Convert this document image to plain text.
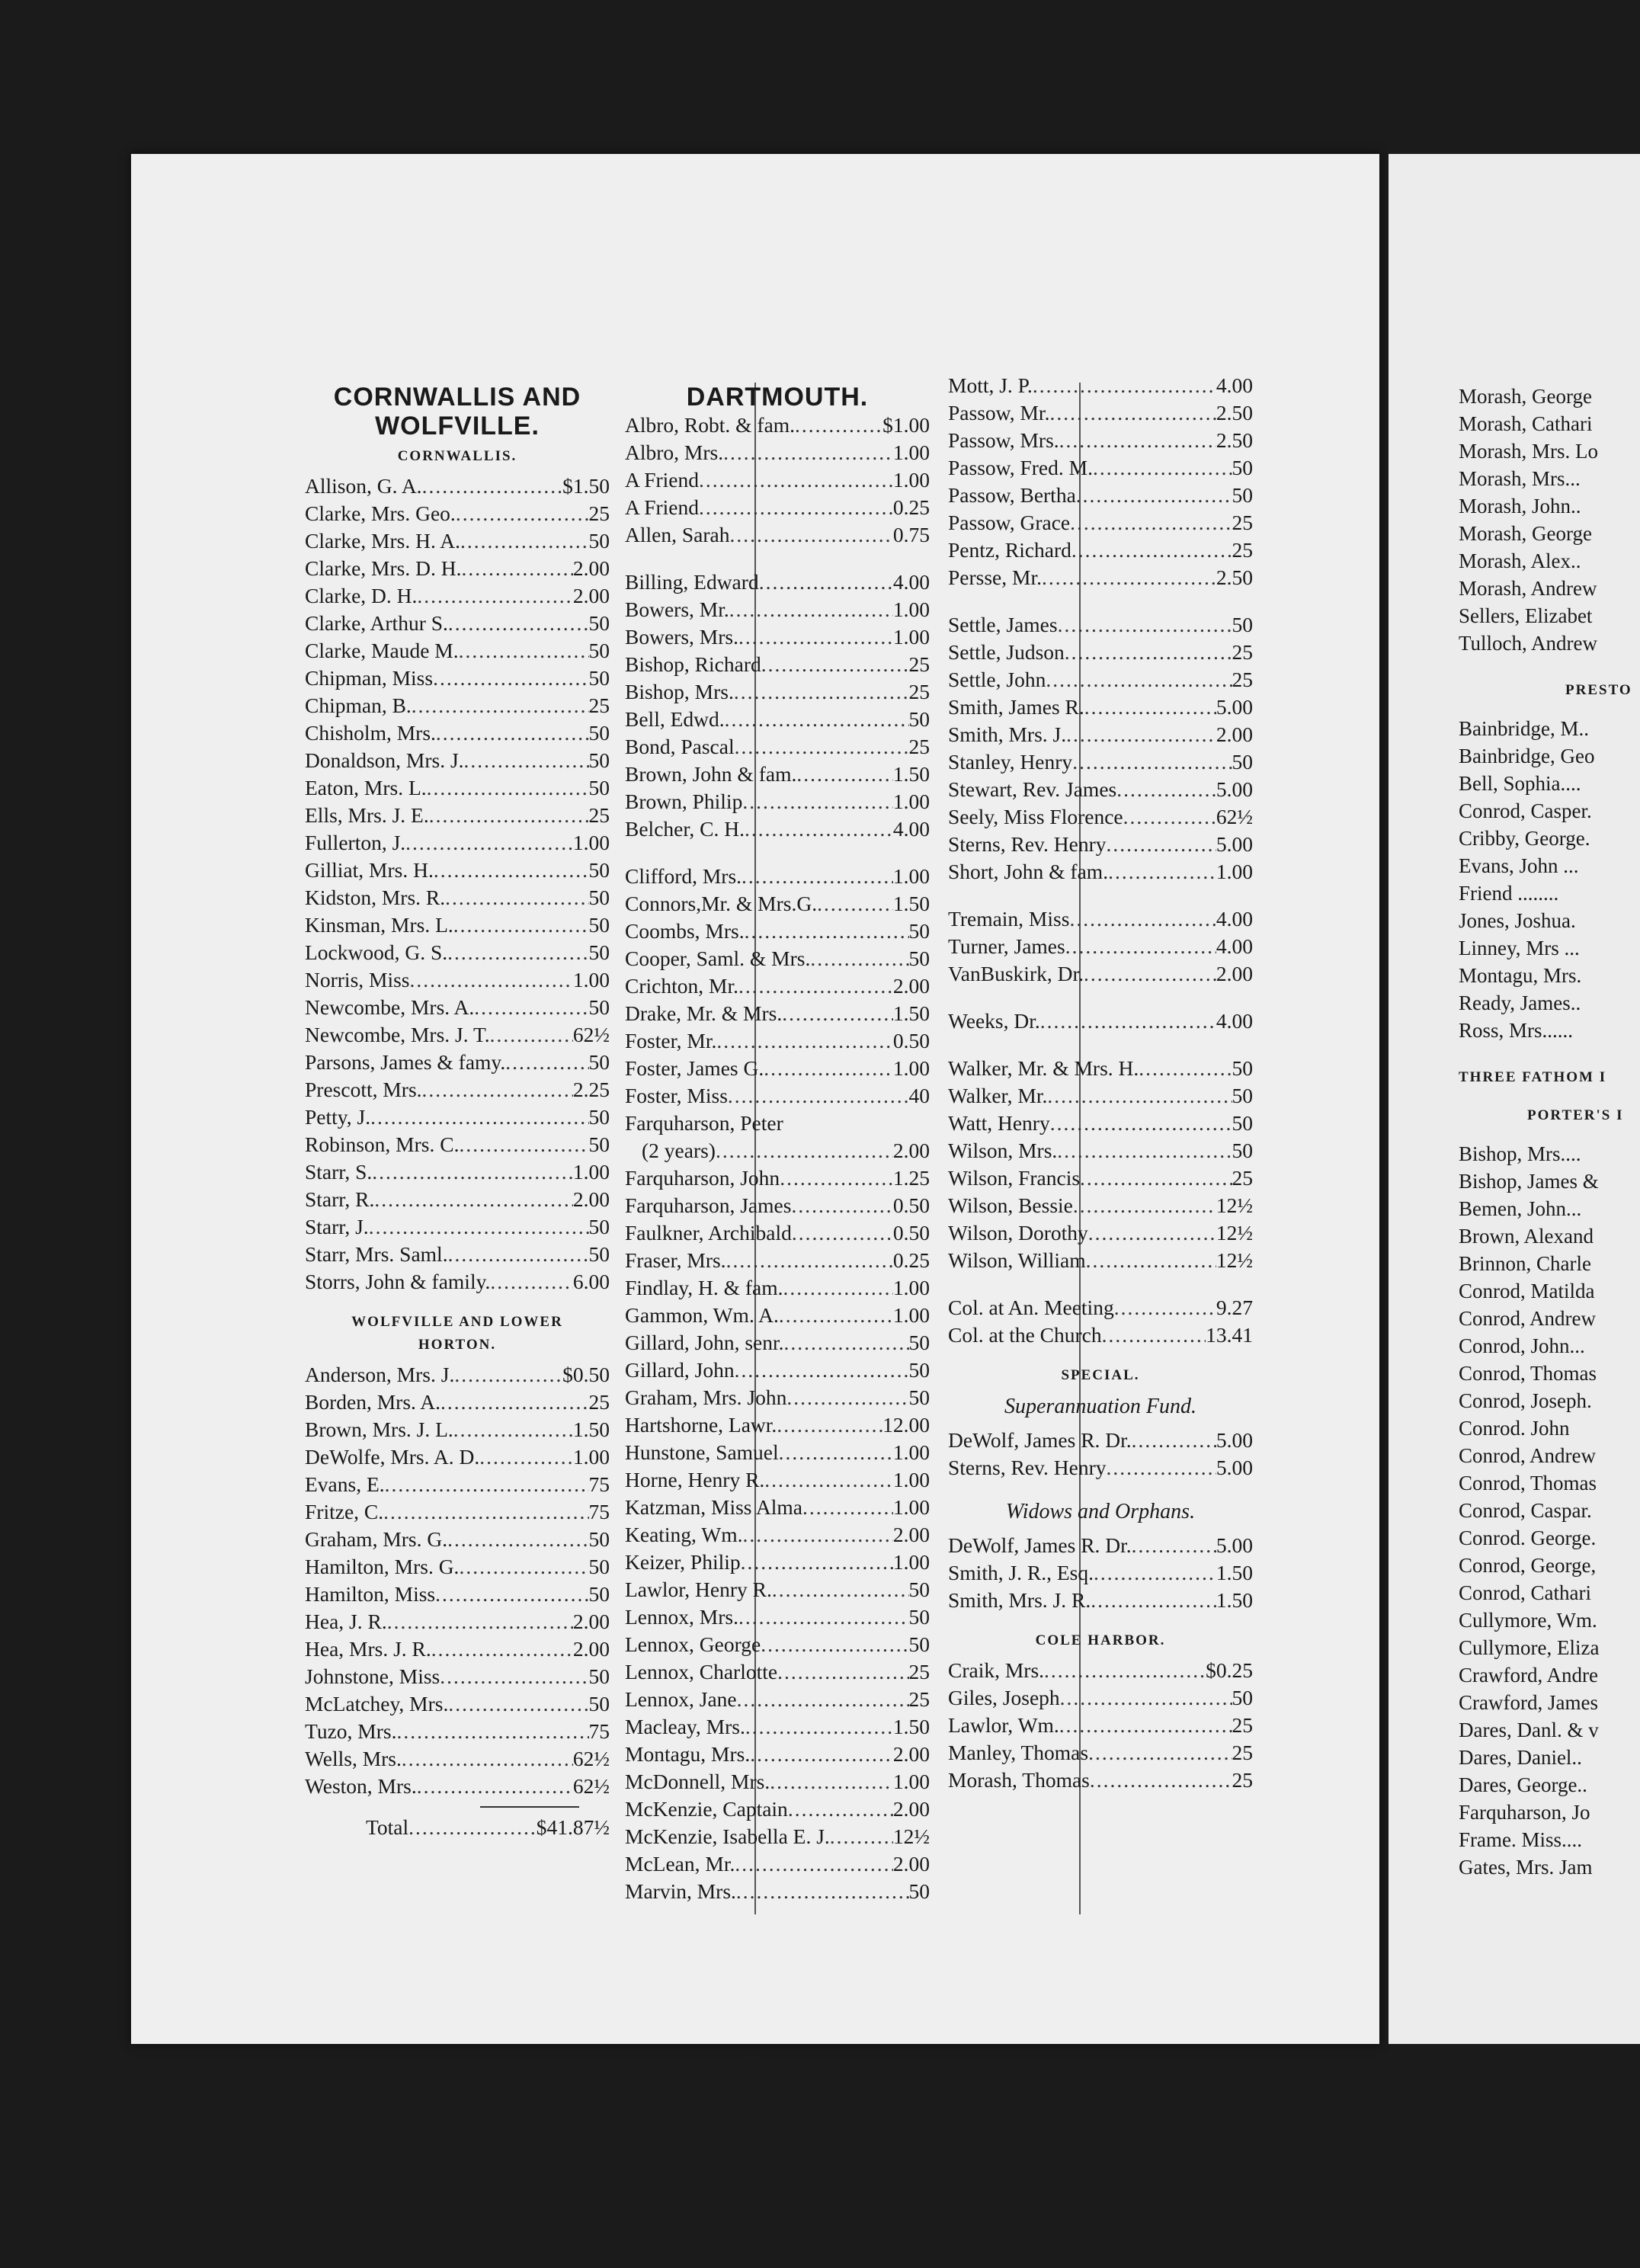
CORNWALLIS AND
WOLFVILLE.
CORNWALLIS.
Allison, G. A. .....	$1.50
Clarke, Mrs. Geo. .....	25
Clarke, Mrs. H. A. .....	50
Clarke, Mrs. D. H. .....	2.00
Clarke, D. H. .....	2.00
Clarke, Arthur S. .....	50
Clarke, Maude M. .....	50
Chipman, Miss .....	50
Chipman, B. .....	25
Chisholm, Mrs. .....	50
Donaldson, Mrs. J. .....	50
Eaton, Mrs. L. .....	50
Ells, Mrs. J. E. .....	25
Fullerton, J. .....	1.00
Gilliat, Mrs. H. .....	50
Kidston, Mrs. R. .....	50
Kinsman, Mrs. L. .....	50
Lockwood, G. S. .....	50
Norris, Miss .....	1.00
Newcombe, Mrs. A. .....	50
Newcombe, Mrs. J. T. .....	62½
Parsons, James & famy. .....	50
Prescott, Mrs. .....	2.25
Petty, J. .....	50
Robinson, Mrs. C. .....	50
Starr, S. .....	1.00
Starr, R. .....	2.00
Starr, J. .....	50
Starr, Mrs. Saml. .....	50
Storrs, John & family. .....	6.00
WOLFVILLE AND LOWER
HORTON.
Anderson, Mrs. J. .....	$0.50
Borden, Mrs. A. .....	25
Brown, Mrs. J. L. .....	1.50
DeWolfe, Mrs. A. D. .....	1.00
Evans, E. .....	75
Fritze, C. .....	75
Graham, Mrs. G. .....	50
Hamilton, Mrs. G. .....	50
Hamilton, Miss .....	50
Hea, J. R. .....	2.00
Hea, Mrs. J. R. .....	2.00
Johnstone, Miss .....	50
McLatchey, Mrs. .....	50
Tuzo, Mrs. .....	75
Wells, Mrs. .....	62½
Weston, Mrs. .....	62½
Total .....	$41.87½
DARTMOUTH.
Albro, Robt. & fam. .....	$1.00
Albro, Mrs. .....	1.00
A Friend .....	1.00
A Friend .....	0.25
Allen, Sarah .....	0.75
Billing, Edward .....	4.00
Bowers, Mr. .....	1.00
Bowers, Mrs. .....	1.00
Bishop, Richard .....	25
Bishop, Mrs. .....	25
Bell, Edwd. .....	50
Bond, Pascal .....	25
Brown, John & fam. .....	1.50
Brown, Philip .....	1.00
Belcher, C. H. .....	4.00
Clifford, Mrs. .....	1.00
Connors,Mr. & Mrs.G. .....	1.50
Coombs, Mrs. .....	50
Cooper, Saml. & Mrs. .....	50
Crichton, Mr. .....	2.00
Drake, Mr. & Mrs. .....	1.50
Foster, Mr. .....	0.50
Foster, James G. .....	1.00
Foster, Miss .....	40
Farquharson, Peter
(2 years) .....	2.00
Farquharson, John .....	1.25
Farquharson, James .....	0.50
Faulkner, Archibald .....	0.50
Fraser, Mrs. .....	0.25
Findlay, H. & fam. .....	1.00
Gammon, Wm. A. .....	1.00
Gillard, John, senr. .....	50
Gillard, John .....	50
Graham, Mrs. John .....	50
Hartshorne, Lawr. .....	12.00
Hunstone, Samuel .....	1.00
Horne, Henry R. .....	1.00
Katzman, Miss Alma .....	1.00
Keating, Wm. .....	2.00
Keizer, Philip .....	1.00
Lawlor, Henry R. .....	50
Lennox, Mrs. .....	50
Lennox, George .....	50
Lennox, Charlotte .....	25
Lennox, Jane .....	25
Macleay, Mrs. .....	1.50
Montagu, Mrs. .....	2.00
McDonnell, Mrs. .....	1.00
McKenzie, Captain .....	2.00
McKenzie, Isabella E. J. .....	12½
McLean, Mr. .....	2.00
Marvin, Mrs. .....	50
Mott, J. P. .....	4.00
Passow, Mr. .....	2.50
Passow, Mrs. .....	2.50
Passow, Fred. M. .....	50
Passow, Bertha .....	50
Passow, Grace .....	25
Pentz, Richard .....	25
Persse, Mr. .....	2.50
Settle, James .....	50
Settle, Judson .....	25
Settle, John .....	25
Smith, James R. .....	5.00
Smith, Mrs. J. .....	2.00
Stanley, Henry .....	50
Stewart, Rev. James .....	5.00
Seely, Miss Florence .....	62½
Sterns, Rev. Henry .....	5.00
Short, John & fam. .....	1.00
Tremain, Miss .....	4.00
Turner, James .....	4.00
VanBuskirk, Dr. .....	2.00
Weeks, Dr. .....	4.00
Walker, Mr. & Mrs. H. .....	50
Walker, Mr. .....	50
Watt, Henry .....	50
Wilson, Mrs. .....	50
Wilson, Francis .....	25
Wilson, Bessie .....	12½
Wilson, Dorothy .....	12½
Wilson, William .....	12½
Col. at An. Meeting .....	9.27
Col. at the Church .....	13.41
SPECIAL.
Superannuation Fund.
DeWolf, James R. Dr. .....	5.00
Sterns, Rev. Henry .....	5.00
Widows and Orphans.
DeWolf, James R. Dr. .....	5.00
Smith, J. R., Esq. .....	1.50
Smith, Mrs. J. R. .....	1.50
COLE HARBOR.
Craik, Mrs. .....	$0.25
Giles, Joseph .....	50
Lawlor, Wm. .....	25
Manley, Thomas .....	25
Morash, Thomas .....	25
8
Morash, George
Morash, Cathari
Morash, Mrs. Lo
Morash, Mrs...
Morash, John..
Morash, George
Morash, Alex..
Morash, Andrew
Sellers, Elizabet
Tulloch, Andrew
PRESTO
Bainbridge, M..
Bainbridge, Geo
Bell, Sophia....
Conrod, Casper.
Cribby, George.
Evans, John ...
Friend ........
Jones, Joshua.
Linney, Mrs ...
Montagu, Mrs.
Ready, James..
Ross, Mrs......
THREE FATHOM I
PORTER'S I
Bishop, Mrs....
Bishop, James &
Bemen, John...
Brown, Alexand
Brinnon, Charle
Conrod, Matilda
Conrod, Andrew
Conrod, John...
Conrod, Thomas
Conrod, Joseph.
Conrod. John
Conrod, Andrew
Conrod, Thomas
Conrod, Caspar.
Conrod. George.
Conrod, George,
Conrod, Cathari
Cullymore, Wm.
Cullymore, Eliza
Crawford, Andre
Crawford, James
Dares, Danl. & v
Dares, Daniel..
Dares, George..
Farquharson, Jo
Frame. Miss....
Gates, Mrs. Jam
